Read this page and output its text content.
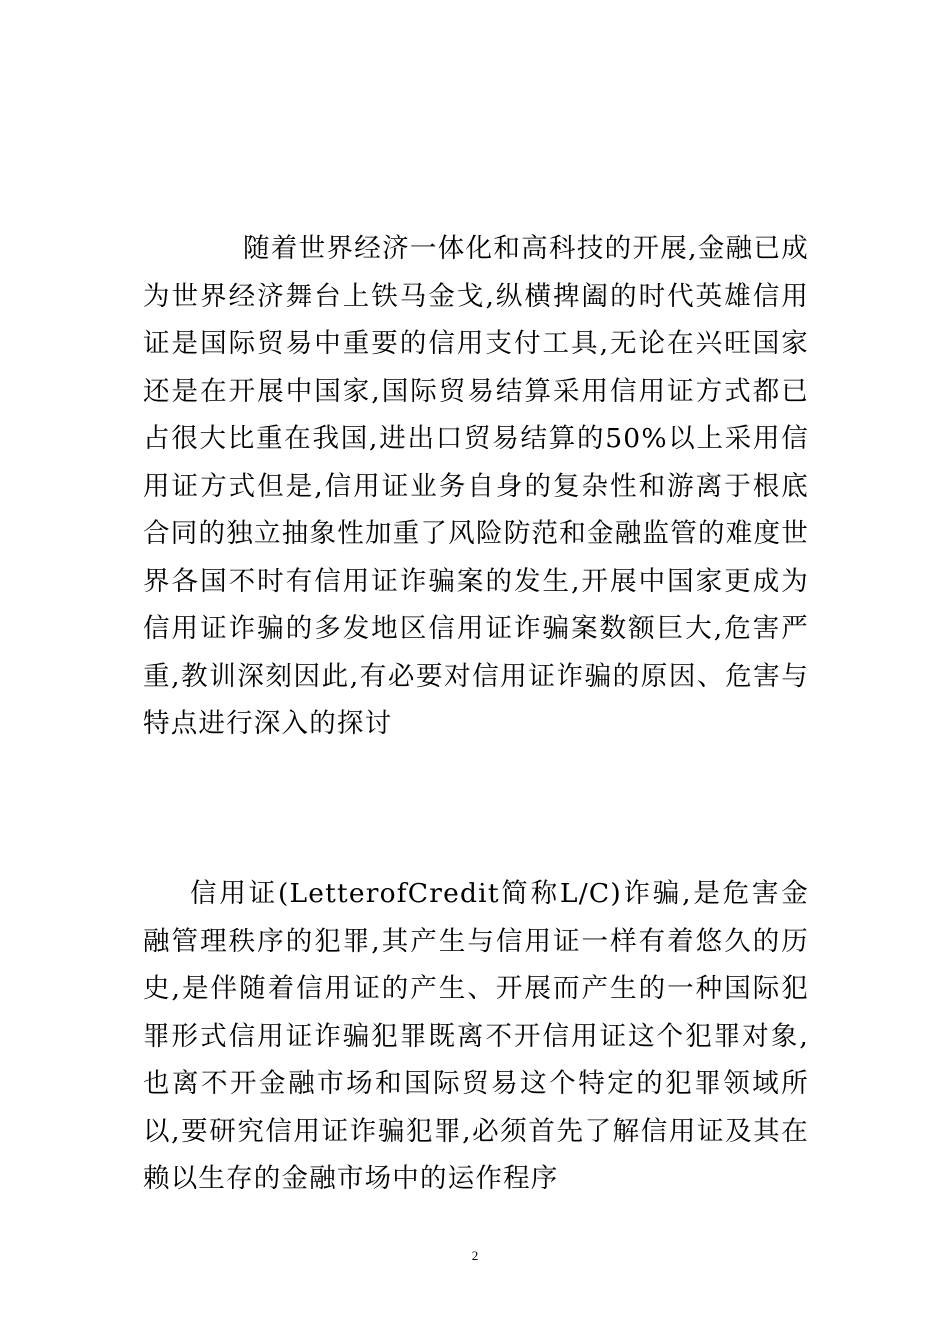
随着世界经济一体化和高科技的开展,金融已成为世界经济舞台上铁马金戈,纵横捭阖的时代英雄信用证是国际贸易中重要的信用支付工具,无论在兴旺国家还是在开展中国家,国际贸易结算采用信用证方式都已占很大比重在我国,进出口贸易结算的50%以上采用信用证方式但是,信用证业务自身的复杂性和游离于根底合同的独立抽象性加重了风险防范和金融监管的难度世界各国不时有信用证诈骗案的发生,开展中国家更成为信用证诈骗的多发地区信用证诈骗案数额巨大,危害严重,教训深刻因此,有必要对信用证诈骗的原因、危害与特点进行深入的探讨

信用证(LetterofCredit简称L/C)诈骗,是危害金融管理秩序的犯罪,其产生与信用证一样有着悠久的历史,是伴随着信用证的产生、开展而产生的一种国际犯罪形式信用证诈骗犯罪既离不开信用证这个犯罪对象,也离不开金融市场和国际贸易这个特定的犯罪领域所以,要研究信用证诈骗犯罪,必须首先了解信用证及其在赖以生存的金融市场中的运作程序

2
